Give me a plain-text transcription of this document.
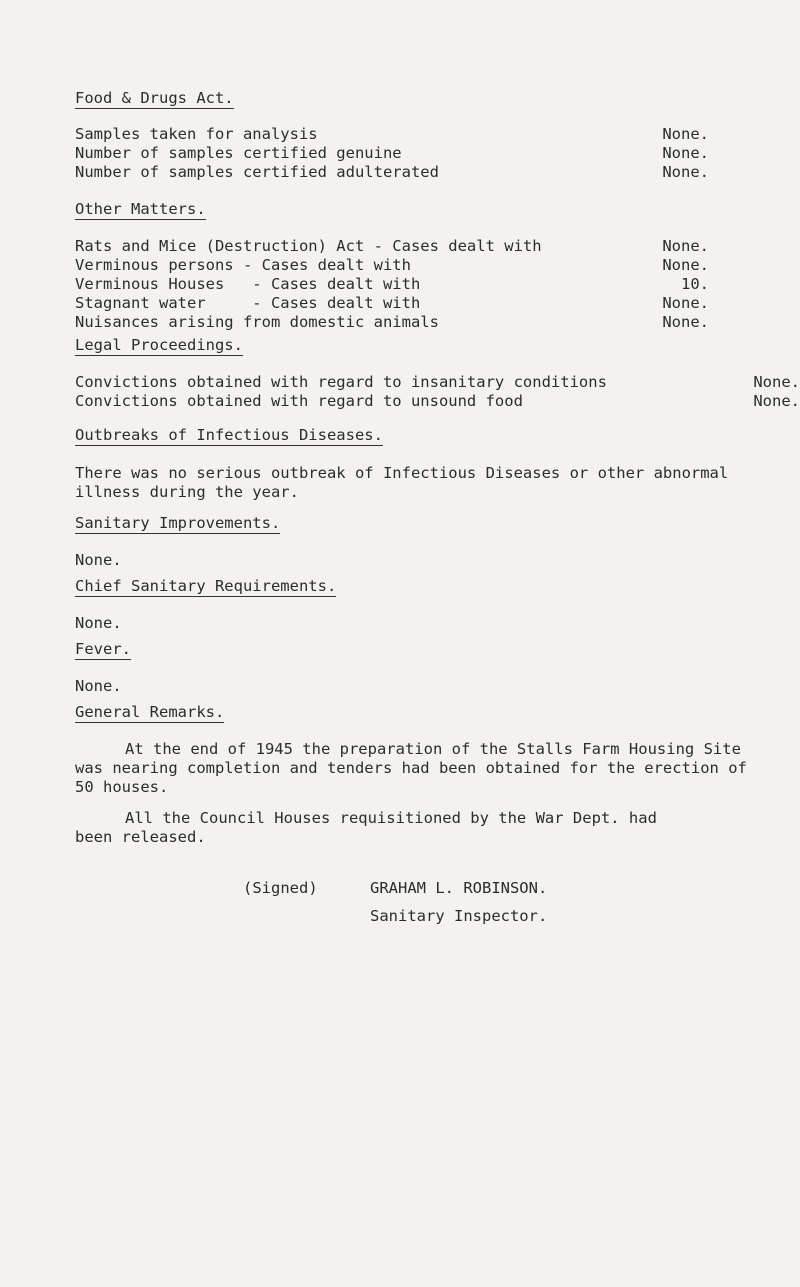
Food & Drugs Act.
Samples taken for analysis	None.
Number of samples certified genuine	None.
Number of samples certified adulterated	None.
Other Matters.
Rats and Mice (Destruction) Act - Cases dealt with	None.
Verminous persons - Cases dealt with	None.
Verminous Houses   - Cases dealt with	10.
Stagnant water     - Cases dealt with	None.
Nuisances arising from domestic animals	None.
Legal Proceedings.
Convictions obtained with regard to insanitary conditions	None.
Convictions obtained with regard to unsound food	None.
Outbreaks of Infectious Diseases.
There was no serious outbreak of Infectious Diseases or other abnormal illness during the year.
Sanitary Improvements.
None.
Chief Sanitary Requirements.
None.
Fever.
None.
General Remarks.
At the end of 1945 the preparation of the Stalls Farm Housing Site was nearing completion and tenders had been obtained for the erection of 50 houses.
All the Council Houses requisitioned by the War Dept. had been released.
(Signed)	GRAHAM L. ROBINSON.
Sanitary Inspector.
